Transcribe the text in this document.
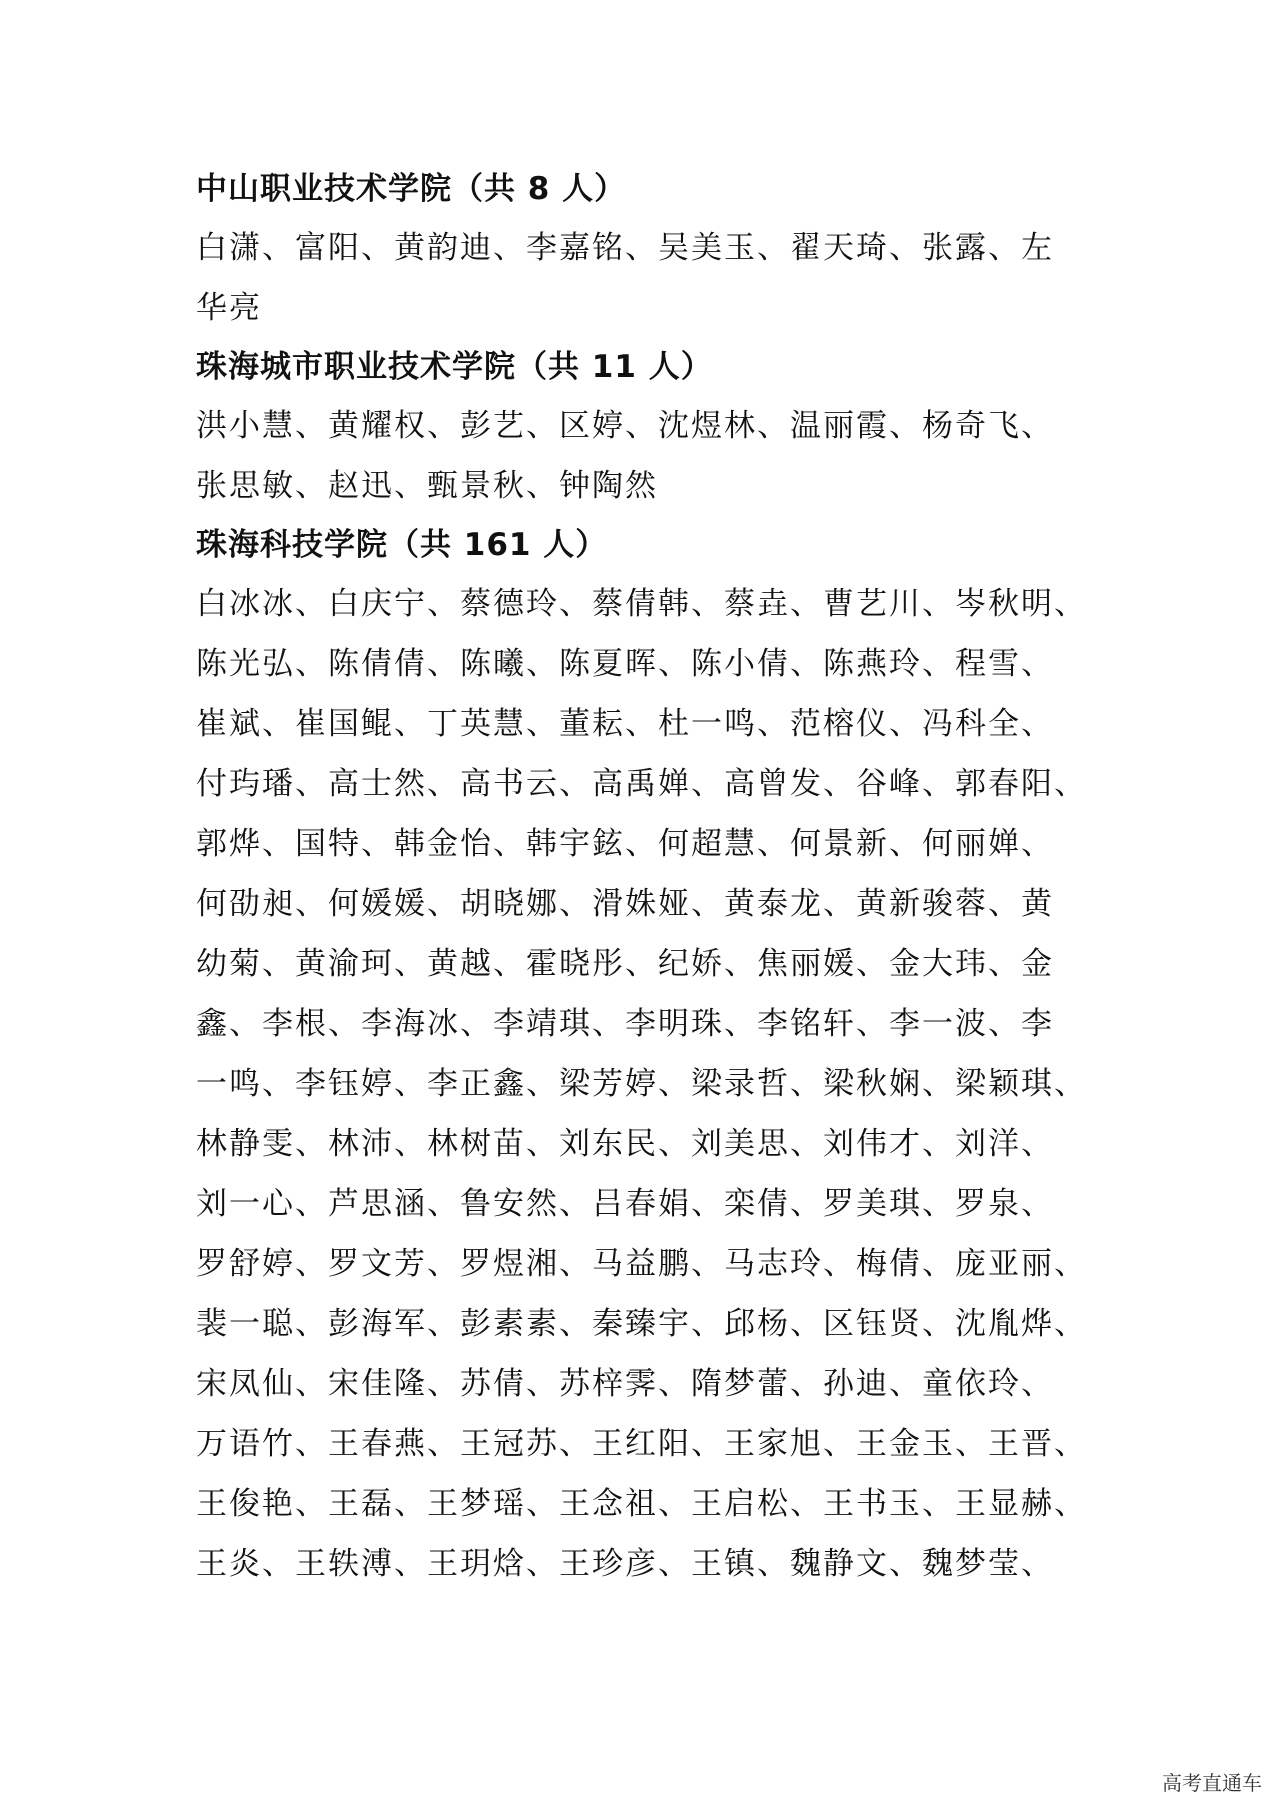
中山职业技术学院（共 8 人）
白潇、富阳、黄韵迪、李嘉铭、吴美玉、翟天琦、张露、左
华亮
珠海城市职业技术学院（共 11 人）
洪小慧、黄耀权、彭艺、区婷、沈煜林、温丽霞、杨奇飞、
张思敏、赵迅、甄景秋、钟陶然
珠海科技学院（共 161 人）
白冰冰、白庆宁、蔡德玲、蔡倩韩、蔡垚、曹艺川、岑秋明、
陈光弘、陈倩倩、陈曦、陈夏晖、陈小倩、陈燕玲、程雪、
崔斌、崔国鲲、丁英慧、董耘、杜一鸣、范榕仪、冯科全、
付玙璠、高士然、高书云、高禹婵、高曾发、谷峰、郭春阳、
郭烨、国特、韩金怡、韩宇鉉、何超慧、何景新、何丽婵、
何劭昶、何媛媛、胡晓娜、滑姝娅、黄泰龙、黄新骏蓉、黄
幼菊、黄渝珂、黄越、霍晓彤、纪娇、焦丽媛、金大玮、金
鑫、李根、李海冰、李靖琪、李明珠、李铭轩、李一波、李
一鸣、李钰婷、李正鑫、梁芳婷、梁录哲、梁秋娴、梁颖琪、
林静雯、林沛、林树苗、刘东民、刘美思、刘伟才、刘洋、
刘一心、芦思涵、鲁安然、吕春娟、栾倩、罗美琪、罗泉、
罗舒婷、罗文芳、罗煜湘、马益鹏、马志玲、梅倩、庞亚丽、
裴一聪、彭海军、彭素素、秦臻宇、邱杨、区钰贤、沈胤烨、
宋凤仙、宋佳隆、苏倩、苏梓霁、隋梦蕾、孙迪、童依玲、
万语竹、王春燕、王冠苏、王红阳、王家旭、王金玉、王晋、
王俊艳、王磊、王梦瑶、王念祖、王启松、王书玉、王显赫、
王炎、王轶溥、王玥焓、王珍彦、王镇、魏静文、魏梦莹、
高考直通车
